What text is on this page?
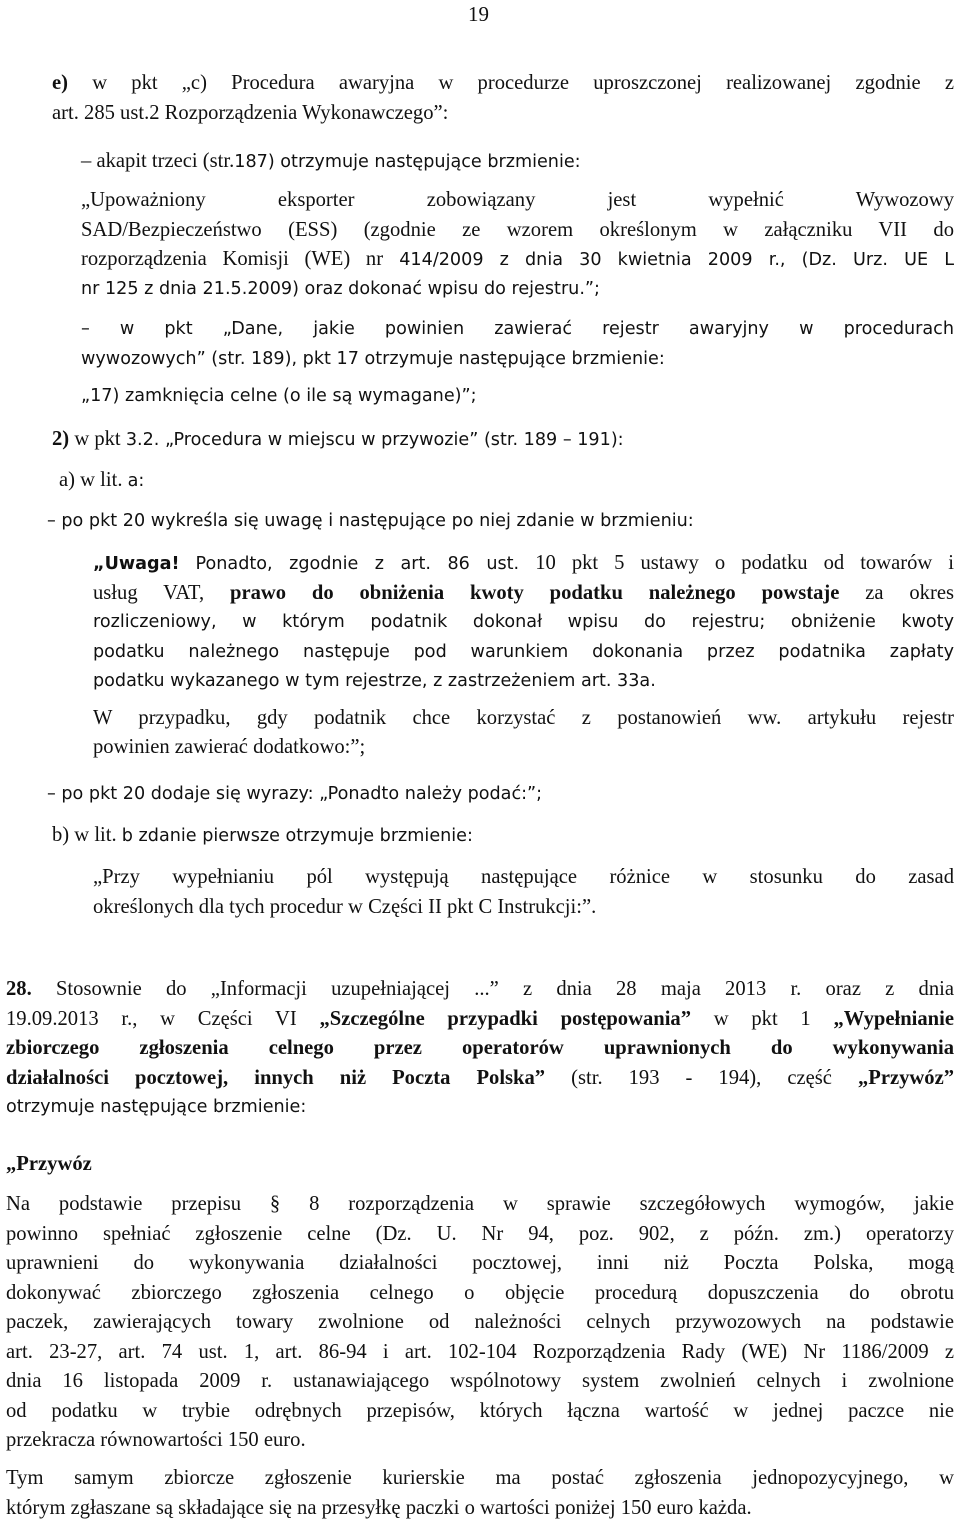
19
e) w pkt „c) Procedura awaryjna w procedurze uproszczonej realizowanej zgodnie z
art. 285 ust.2 Rozporządzenia Wykonawczego”:
– akapit trzeci (str.187) otrzymuje następujące brzmienie:
„Upoważniony eksporter zobowiązany jest wypełnić Wywozowy
SAD/Bezpieczeństwo (ESS) (zgodnie ze wzorem określonym w załączniku VII do
rozporządzenia Komisji (WE) nr 414/2009 z dnia 30 kwietnia 2009 r., (Dz. Urz. UE L
nr 125 z dnia 21.5.2009) oraz dokonać wpisu do rejestru.”;
– w pkt „Dane, jakie powinien zawierać rejestr awaryjny w procedurach
wywozowych” (str. 189), pkt 17 otrzymuje następujące brzmienie:
„17) zamknięcia celne (o ile są wymagane)”;
2) w pkt 3.2. „Procedura w miejscu w przywozie” (str. 189 – 191):
a) w lit. a:
– po pkt 20 wykreśla się uwagę i następujące po niej zdanie w brzmieniu:
„Uwaga! Ponadto, zgodnie z art. 86 ust. 10 pkt 5 ustawy o podatku od towarów i
usług VAT, prawo do obniżenia kwoty podatku należnego powstaje za okres
rozliczeniowy, w którym podatnik dokonał wpisu do rejestru; obniżenie kwoty
podatku należnego następuje pod warunkiem dokonania przez podatnika zapłaty
podatku wykazanego w tym rejestrze, z zastrzeżeniem art. 33a.
W przypadku, gdy podatnik chce korzystać z postanowień ww. artykułu rejestr
powinien zawierać dodatkowo:”;
– po pkt 20 dodaje się wyrazy: „Ponadto należy podać:”;
b) w lit. b zdanie pierwsze otrzymuje brzmienie:
„Przy wypełnianiu pól występują następujące różnice w stosunku do zasad
określonych dla tych procedur w Części II pkt C Instrukcji:”.
28. Stosownie do „Informacji uzupełniającej ...” z dnia 28 maja 2013 r. oraz z dnia
19.09.2013 r., w Części VI „Szczególne przypadki postępowania” w pkt 1 „Wypełnianie
zbiorczego zgłoszenia celnego przez operatorów uprawnionych do wykonywania
działalności pocztowej, innych niż Poczta Polska” (str. 193 - 194), część „Przywóz”
otrzymuje następujące brzmienie:
„Przywóz
Na podstawie przepisu § 8 rozporządzenia w sprawie szczegółowych wymogów, jakie
powinno spełniać zgłoszenie celne (Dz. U. Nr 94, poz. 902, z późn. zm.) operatorzy
uprawnieni do wykonywania działalności pocztowej, inni niż Poczta Polska, mogą
dokonywać zbiorczego zgłoszenia celnego o objęcie procedurą dopuszczenia do obrotu
paczek, zawierających towary zwolnione od należności celnych przywozowych na podstawie
art. 23-27, art. 74 ust. 1, art. 86-94 i art. 102-104 Rozporządzenia Rady (WE) Nr 1186/2009 z
dnia 16 listopada 2009 r. ustanawiającego wspólnotowy system zwolnień celnych i zwolnione
od podatku w trybie odrębnych przepisów, których łączna wartość w jednej paczce nie
przekracza równowartości 150 euro.
Tym samym zbiorcze zgłoszenie kurierskie ma postać zgłoszenia jednopozycyjnego, w
którym zgłaszane są składające się na przesyłkę paczki o wartości poniżej 150 euro każda.
